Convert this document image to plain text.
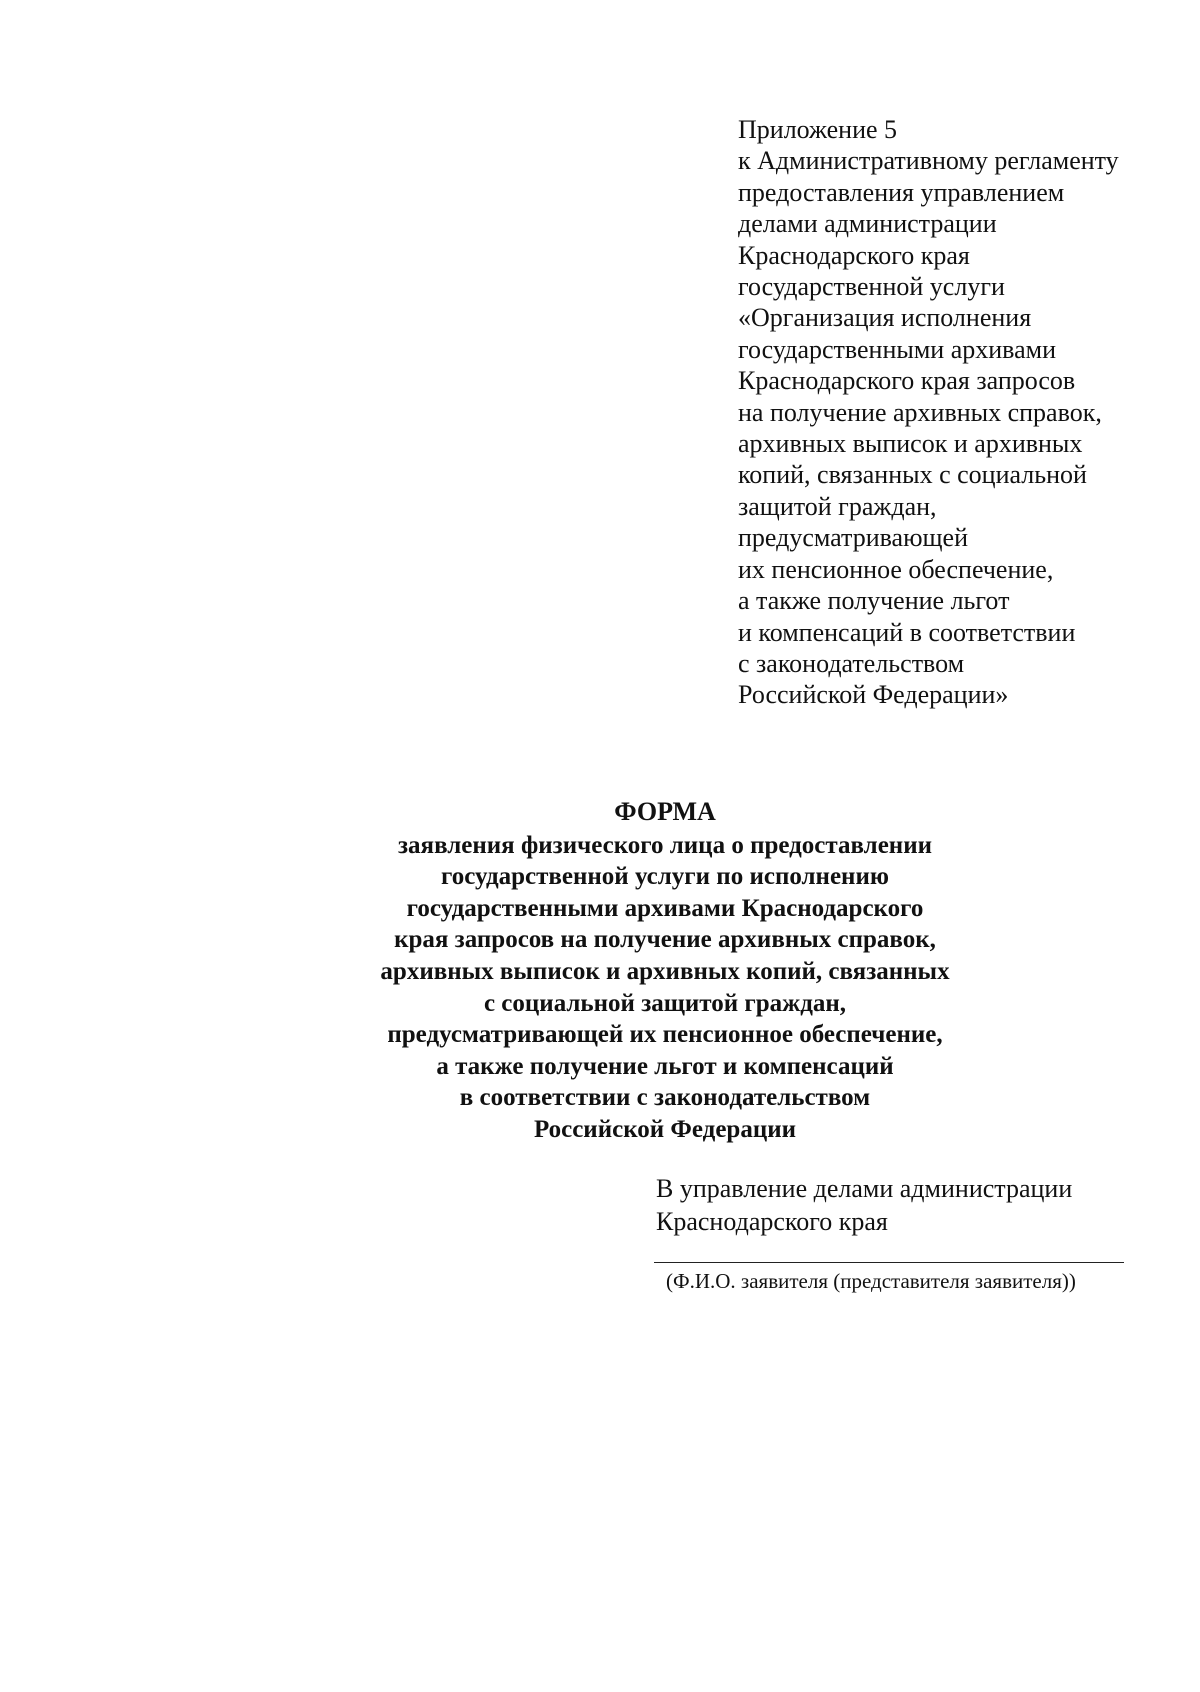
Приложение 5
к Административному регламенту
предоставления управлением
делами администрации
Краснодарского края
государственной услуги
«Организация исполнения
государственными архивами
Краснодарского края запросов
на получение архивных справок,
архивных выписок и архивных
копий, связанных с социальной
защитой граждан,
предусматривающей
их пенсионное обеспечение,
а также получение льгот
и компенсаций в соответствии
с законодательством
Российской Федерации»
ФОРМА
заявления физического лица о предоставлении
государственной услуги по исполнению
государственными архивами Краснодарского
края запросов на получение архивных справок,
архивных выписок и архивных копий, связанных
с социальной защитой граждан,
предусматривающей их пенсионное обеспечение,
а также получение льгот и компенсаций
в соответствии с законодательством
Российской Федерации
В управление делами администрации
Краснодарского края
(Ф.И.О. заявителя (представителя заявителя))
